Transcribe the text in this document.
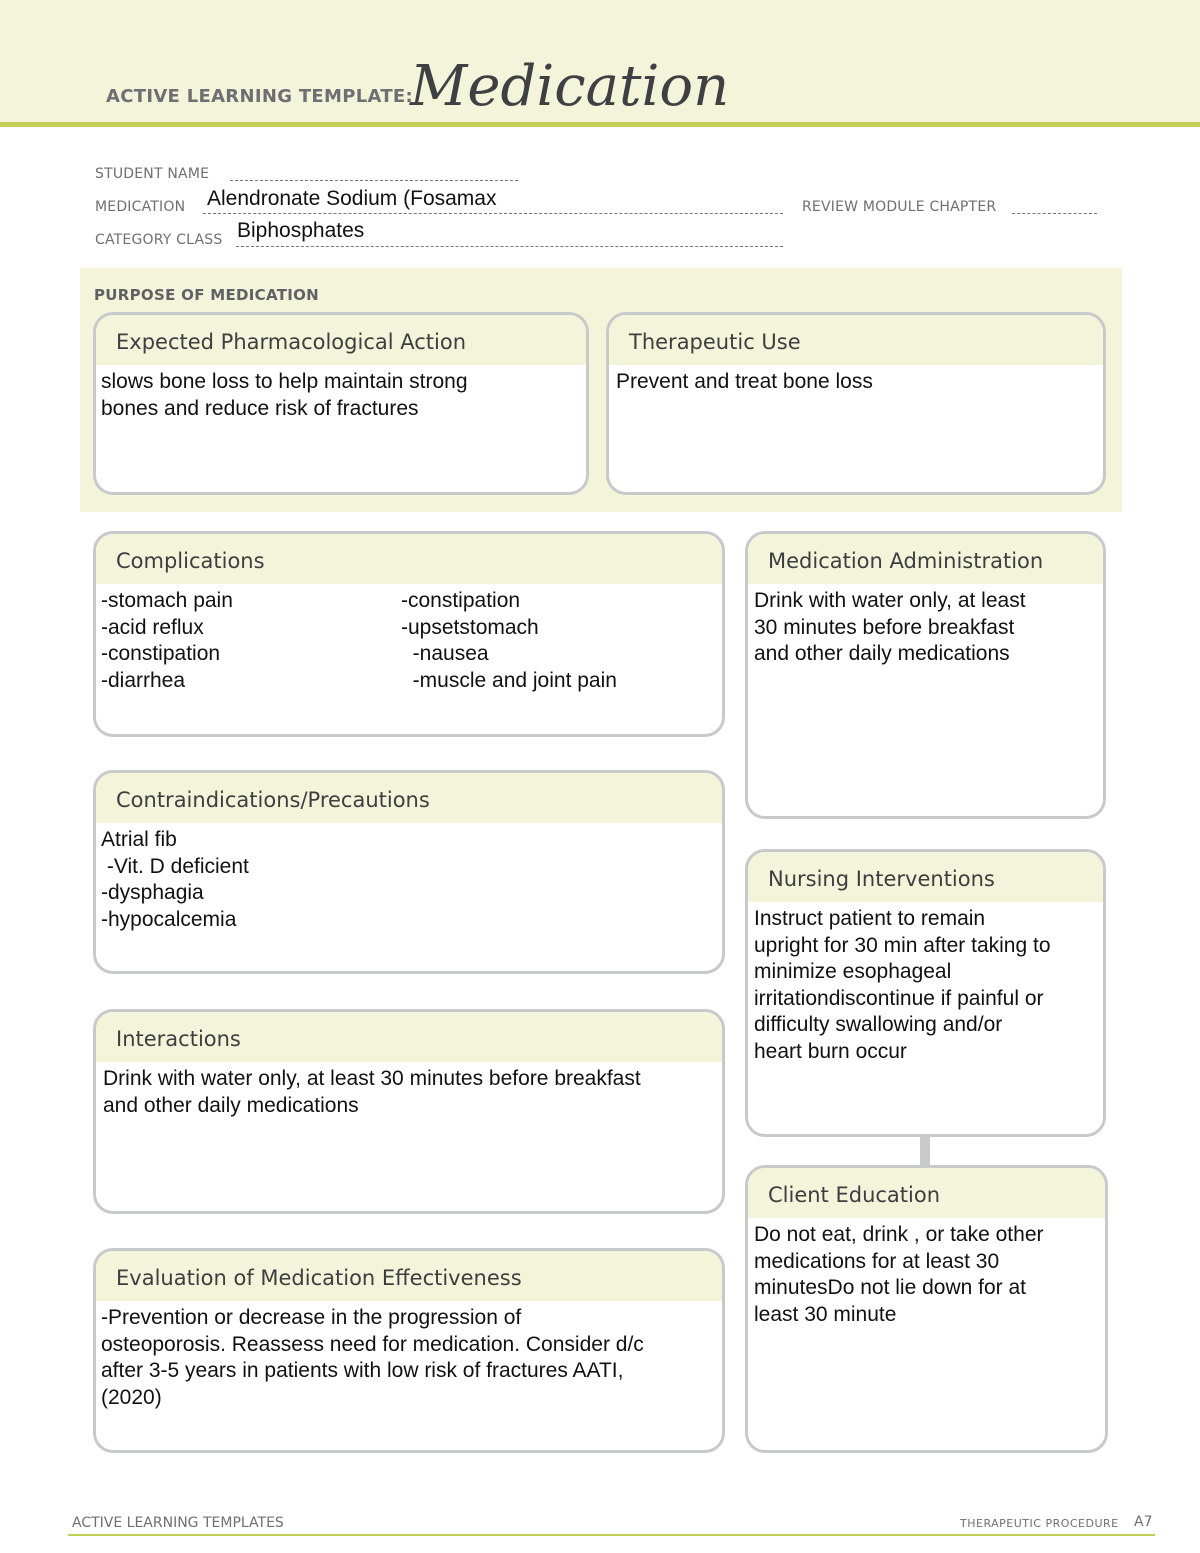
ACTIVE LEARNING TEMPLATE:
Medication
STUDENT NAME
MEDICATION Alendronate Sodium (Fosamax	REVIEW MODULE CHAPTER
CATEGORY CLASS Biphosphates
PURPOSE OF MEDICATION
Expected Pharmacological Action
slows bone loss to help maintain strong
bones and reduce risk of fractures
Therapeutic Use
Prevent and treat bone loss
Complications
-stomach pain
-acid reflux
-constipation
-diarrhea
-constipation
-upsetstomach
-nausea
-muscle and joint pain
Medication Administration
Drink with water only, at least
30 minutes before breakfast
and other daily medications
Contraindications/Precautions
Atrial fib
-Vit. D deficient
-dysphagia
-hypocalcemia
Nursing Interventions
Instruct patient to remain
upright for 30 min after taking to
minimize esophageal
irritationdiscontinue if painful or
difficulty swallowing and/or
heart burn occur
Interactions
Drink with water only, at least 30 minutes before breakfast
and other daily medications
Client Education
Do not eat, drink , or take other
medications for at least 30
minutesDo not lie down for at
least 30 minute
Evaluation of Medication Effectiveness
-Prevention or decrease in the progression of
osteoporosis. Reassess need for medication. Consider d/c
after 3-5 years in patients with low risk of fractures AATI,
(2020)
ACTIVE LEARNING TEMPLATES	THERAPEUTIC PROCEDURE A7
